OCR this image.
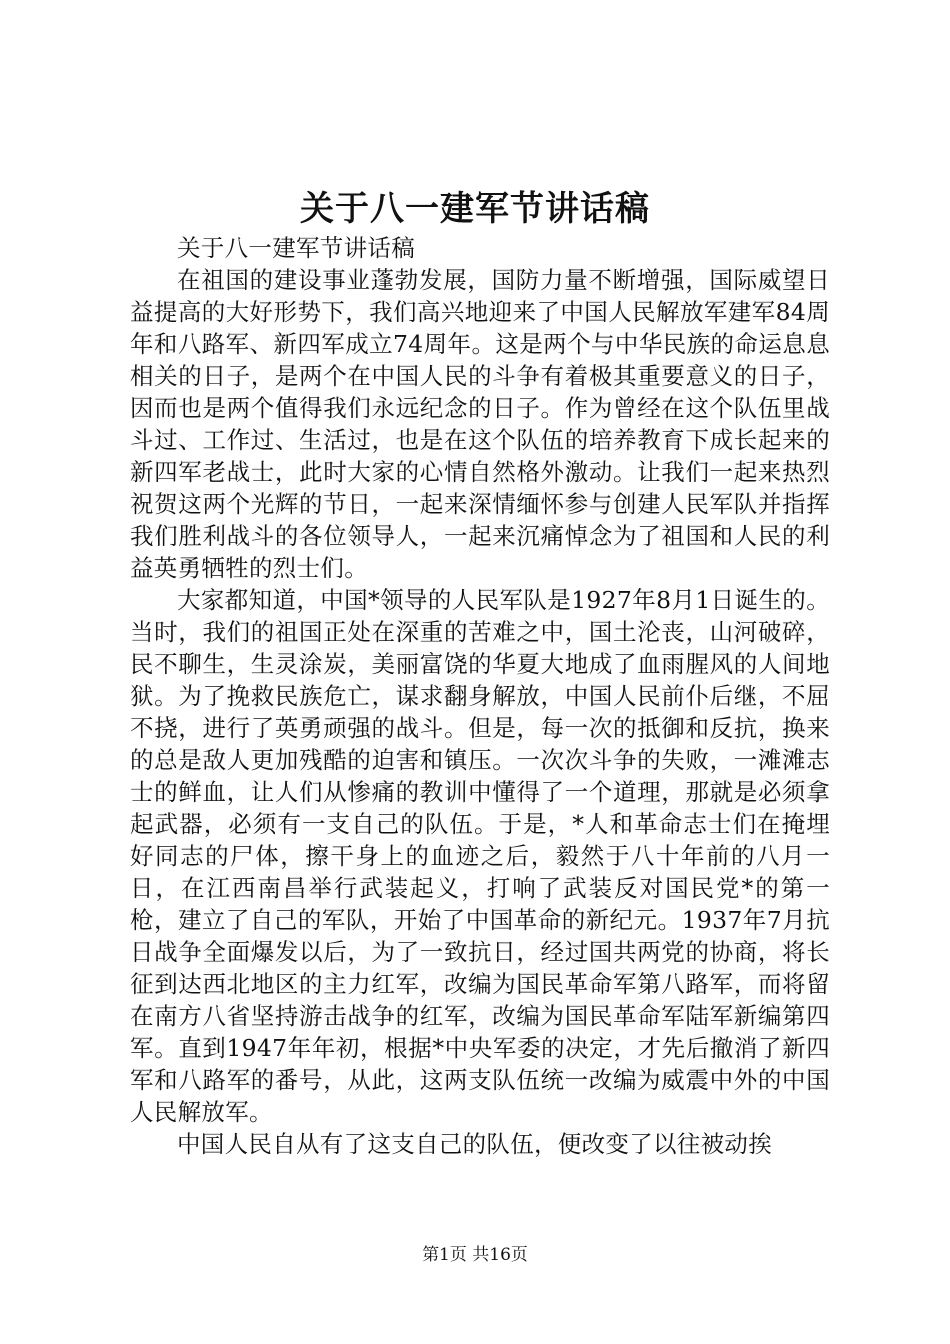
关于八一建军节讲话稿
关于八一建军节讲话稿

在祖国的建设事业蓬勃发展，国防力量不断增强，国际威望日益提高的大好形势下，我们高兴地迎来了中国人民解放军建军84周年和八路军、新四军成立74周年。这是两个与中华民族的命运息息相关的日子，是两个在中国人民的斗争有着极其重要意义的日子，因而也是两个值得我们永远纪念的日子。作为曾经在这个队伍里战斗过、工作过、生活过，也是在这个队伍的培养教育下成长起来的新四军老战士，此时大家的心情自然格外激动。让我们一起来热烈祝贺这两个光辉的节日，一起来深情缅怀参与创建人民军队并指挥我们胜利战斗的各位领导人，一起来沉痛悼念为了祖国和人民的利益英勇牺牲的烈士们。

大家都知道，中国*领导的人民军队是1927年8月1日诞生的。当时，我们的祖国正处在深重的苦难之中，国土沦丧，山河破碎，民不聊生，生灵涂炭，美丽富饶的华夏大地成了血雨腥风的人间地狱。为了挽救民族危亡，谋求翻身解放，中国人民前仆后继，不屈不挠，进行了英勇顽强的战斗。但是，每一次的抵御和反抗，换来的总是敌人更加残酷的迫害和镇压。一次次斗争的失败，一滩滩志士的鲜血，让人们从惨痛的教训中懂得了一个道理，那就是必须拿起武器，必须有一支自己的队伍。于是，*人和革命志士们在掩埋好同志的尸体，擦干身上的血迹之后，毅然于八十年前的八月一日，在江西南昌举行武装起义，打响了武装反对国民党*的第一枪，建立了自己的军队，开始了中国革命的新纪元。1937年7月抗日战争全面爆发以后，为了一致抗日，经过国共两党的协商，将长征到达西北地区的主力红军，改编为国民革命军第八路军，而将留在南方八省坚持游击战争的红军，改编为国民革命军陆军新编第四军。直到1947年年初，根据*中央军委的决定，才先后撤消了新四军和八路军的番号，从此，这两支队伍统一改编为威震中外的中国人民解放军。

中国人民自从有了这支自己的队伍，便改变了以往被动挨

第1页 共16页
